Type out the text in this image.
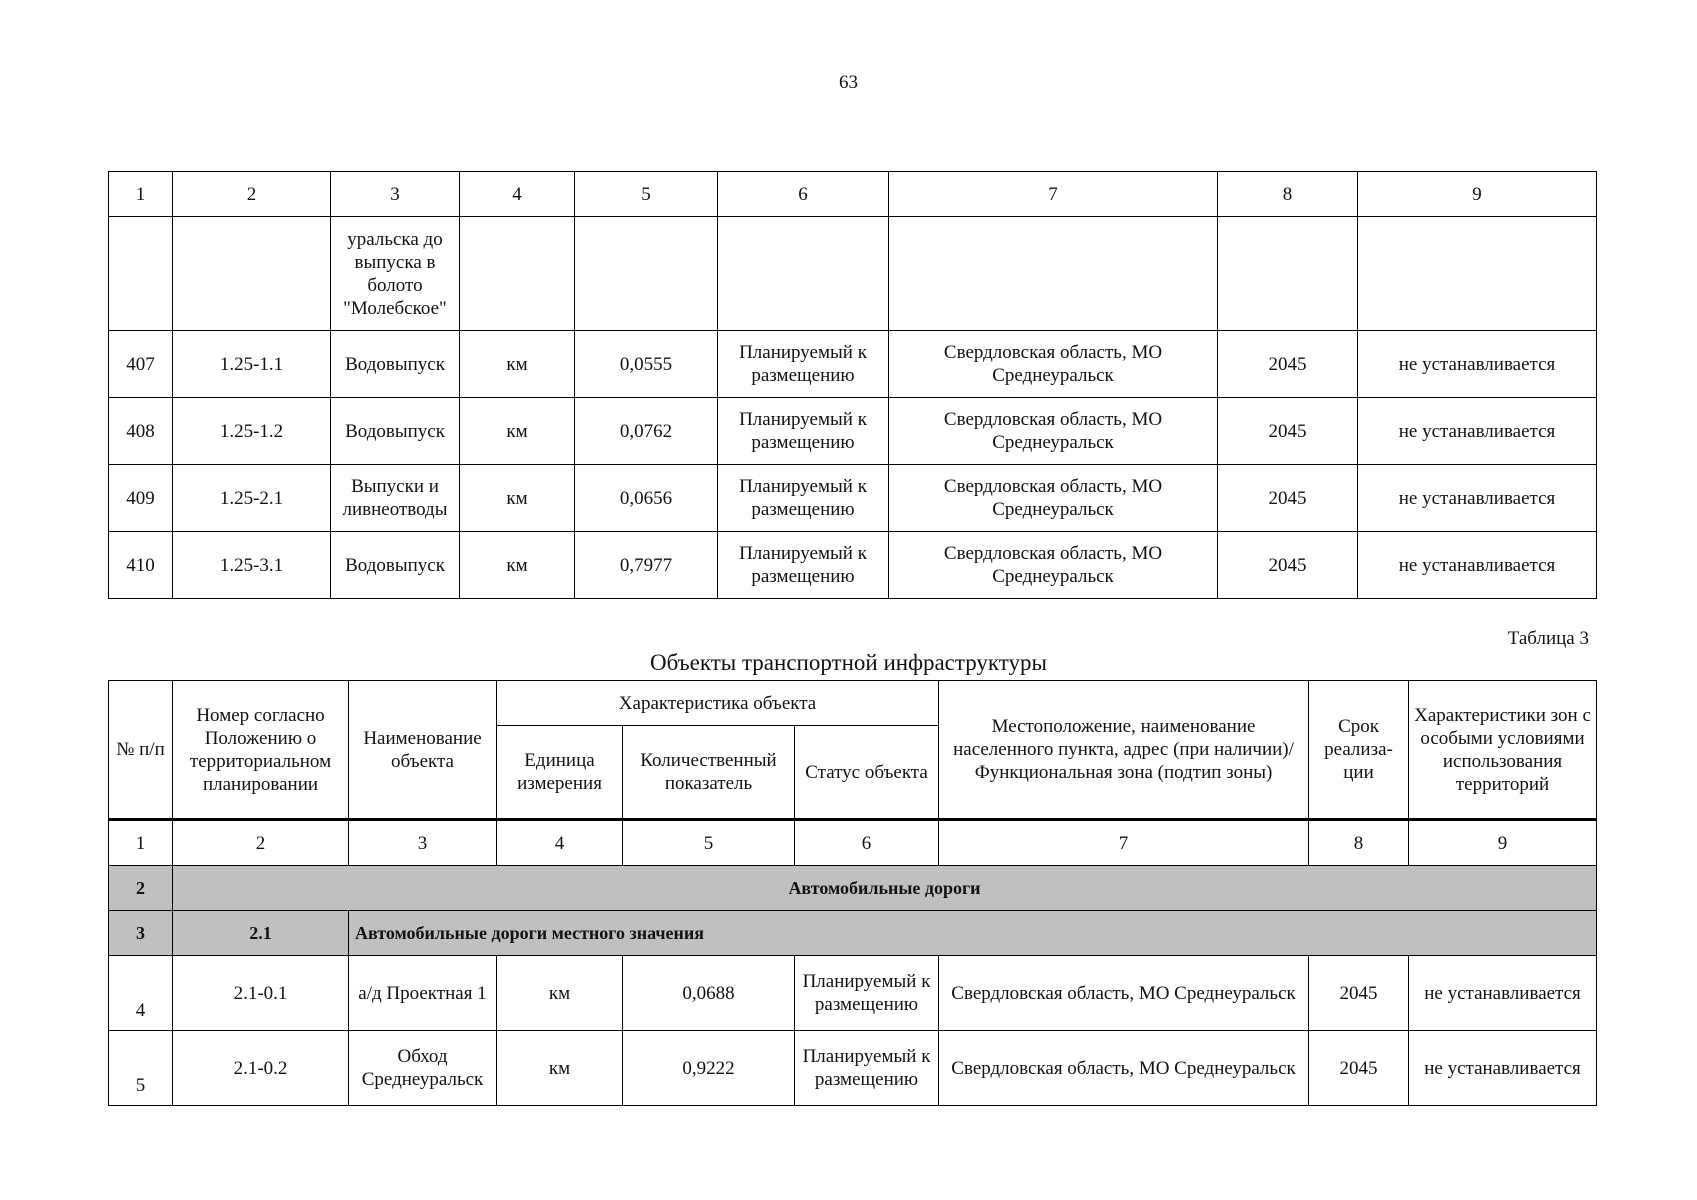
63
1	2	3	4	5	6	7	8	9
		уральска до выпуска в болото "Молебское"						
407	1.25-1.1	Водовыпуск	км	0,0555	Планируемый к размещению	Свердловская область, МО Среднеуральск	2045	не устанавливается
408	1.25-1.2	Водовыпуск	км	0,0762	Планируемый к размещению	Свердловская область, МО Среднеуральск	2045	не устанавливается
409	1.25-2.1	Выпуски и ливнеотводы	км	0,0656	Планируемый к размещению	Свердловская область, МО Среднеуральск	2045	не устанавливается
410	1.25-3.1	Водовыпуск	км	0,7977	Планируемый к размещению	Свердловская область, МО Среднеуральск	2045	не устанавливается
Таблица 3
Объекты транспортной инфраструктуры
№ п/п	Номер согласно Положению о территориальном планировании	Наименование объекта	Характеристика объекта			Местоположение, наименование населенного пункта, адрес (при наличии)/ Функциональная зона (подтип зоны)	Срок реализа-ции	Характеристики зон с особыми условиями использования территорий
			Единица измерения	Количественный показатель	Статус объекта			
1	2	3	4	5	6	7	8	9
2	Автомобильные дороги							
3	2.1	Автомобильные дороги местного значения						
4	2.1-0.1	а/д Проектная 1	км	0,0688	Планируемый к размещению	Свердловская область, МО Среднеуральск	2045	не устанавливается
5	2.1-0.2	Обход Среднеуральск	км	0,9222	Планируемый к размещению	Свердловская область, МО Среднеуральск	2045	не устанавливается
